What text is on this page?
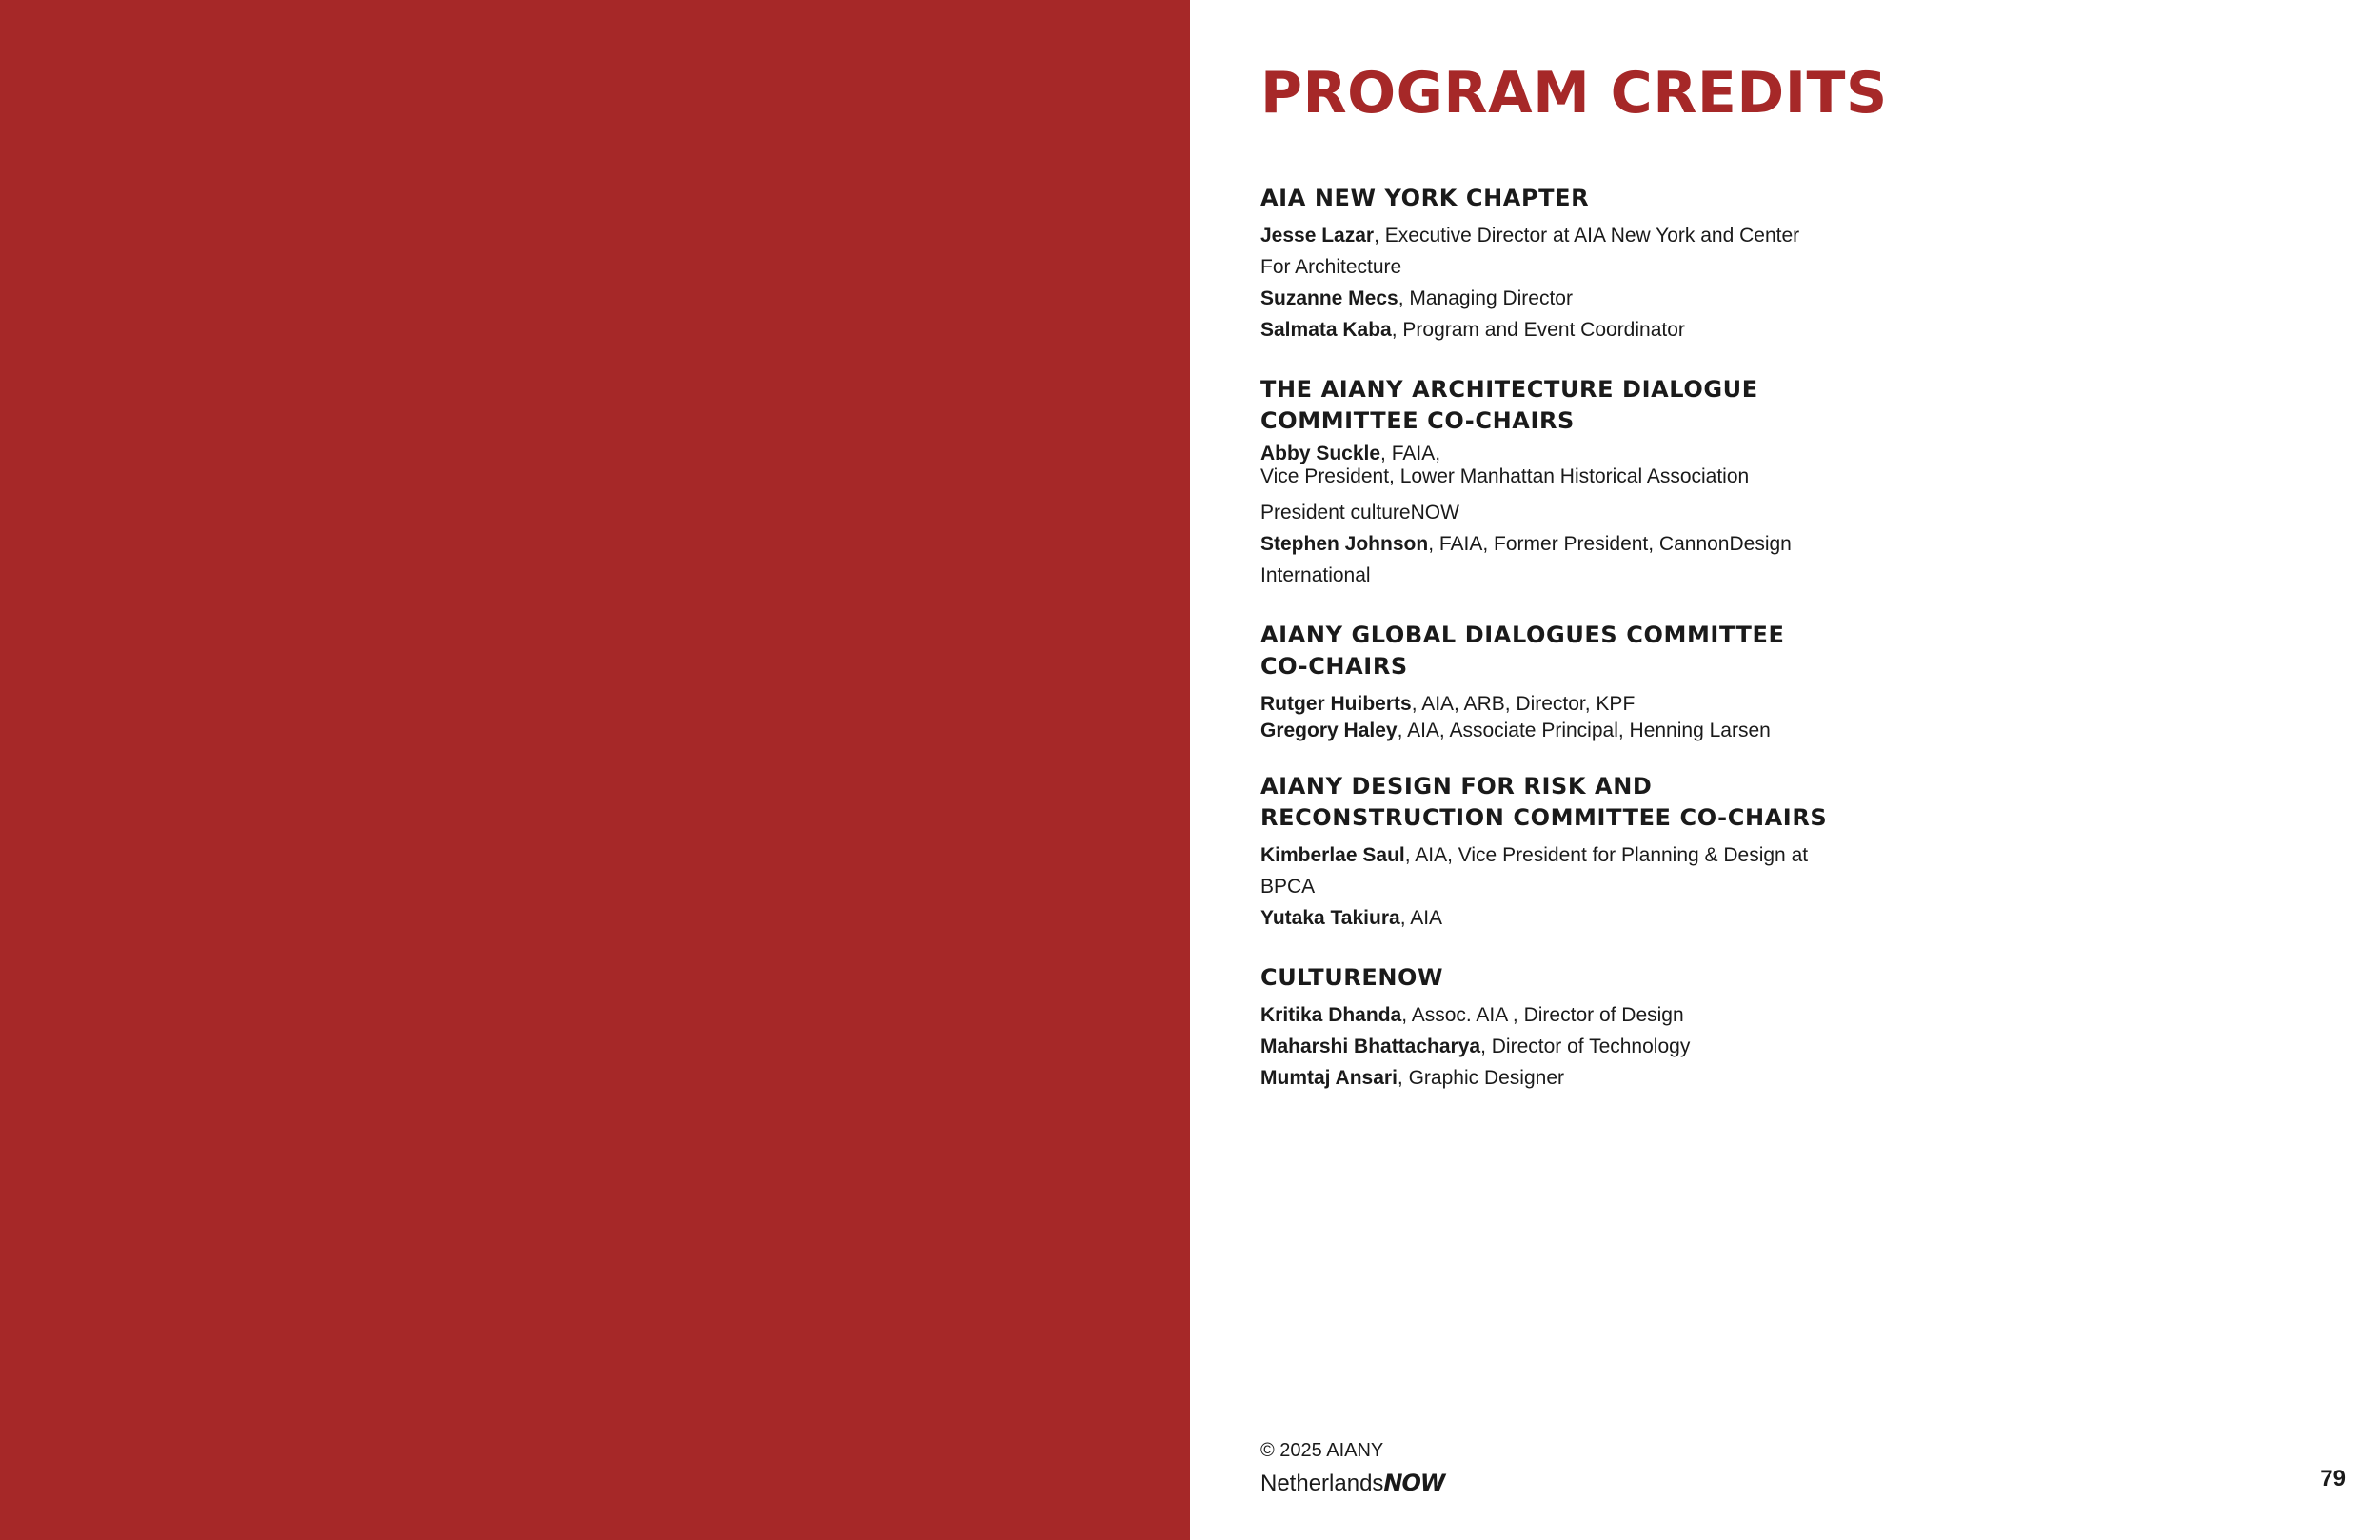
PROGRAM CREDITS
AIA NEW YORK CHAPTER

Jesse Lazar, Executive Director at AIA New York and Center For Architecture

Suzanne Mecs, Managing Director

Salmata Kaba, Program and Event Coordinator

THE AIANY ARCHITECTURE DIALOGUE COMMITTEE CO-CHAIRS

Abby Suckle, FAIA,
Vice President, Lower Manhattan Historical Association

President cultureNOW

Stephen Johnson, FAIA, Former President, CannonDesign International

AIANY GLOBAL DIALOGUES COMMITTEE CO-CHAIRS

Rutger Huiberts, AIA, ARB, Director, KPF

Gregory Haley, AIA, Associate Principal, Henning Larsen

AIANY DESIGN FOR RISK AND RECONSTRUCTION COMMITTEE CO-CHAIRS

Kimberlae Saul, AIA, Vice President for Planning & Design at BPCA

Yutaka Takiura, AIA

CULTURENOW

Kritika Dhanda, Assoc. AIA , Director of Design

Maharshi Bhattacharya, Director of Technology

Mumtaj Ansari, Graphic Designer

© 2025 AIANY
NetherlandsNOW	79
